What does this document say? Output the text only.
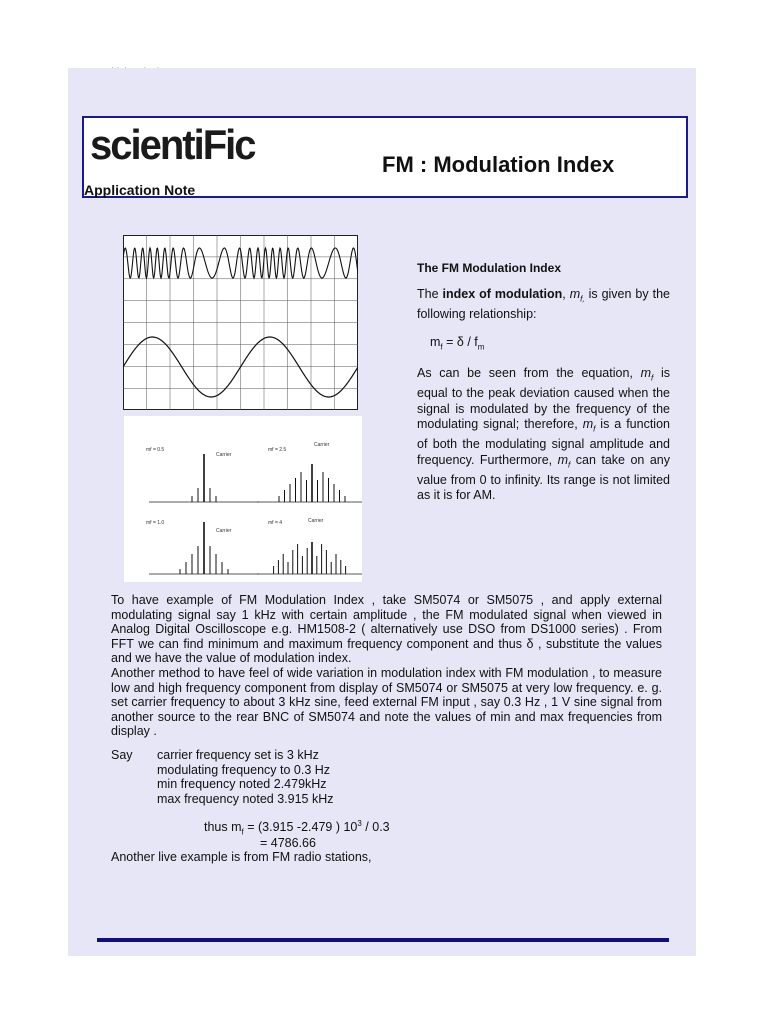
scientiFic
Application Note
FM : Modulation Index
mf = 0.5
Carrier
mf = 2.5
Carrier
mf = 1.0
Carrier
mf = 4	Carrier
The FM Modulation Index
The index of modulation, $m_{f,}$ is given by the following relationship:
$m_f = \delta / f_m$
As can be seen from the equation, $m_f$ is equal to the peak deviation caused when the signal is modulated by the frequency of the modulating signal; therefore, $m_f$ is a function of both the modulating signal amplitude and frequency. Furthermore, $m_f$ can take on any value from 0 to infinity. Its range is not limited as it is for AM.
To have example of FM Modulation Index , take SM5074 or SM5075 , and apply external modulating signal say 1 kHz with certain amplitude , the FM modulated signal when viewed in Analog Digital Oscilloscope e.g. HM1508-2 ( alternatively use DSO from DS1000 series) . From FFT we can find minimum and maximum frequency component and thus δ , substitute the values and we have the value of modulation index.
Another method to have feel of wide variation in modulation index with FM modulation , to measure low and high frequency component from display of SM5074 or SM5075 at very low frequency. e. g. set carrier frequency to about 3 kHz sine, feed external FM input , say 0.3 Hz , 1 V sine signal from another source to the rear BNC of SM5074 and note the values of min and max frequencies from display .
Say carrier frequency set is 3 kHz
modulating frequency to 0.3 Hz
min frequency noted 2.479kHz
max frequency noted 3.915 kHz
thus $m_f = (3.915$ -2.479 ) $10^3 / 0.3$
= 4786.66
Another live example is from FM radio stations,
